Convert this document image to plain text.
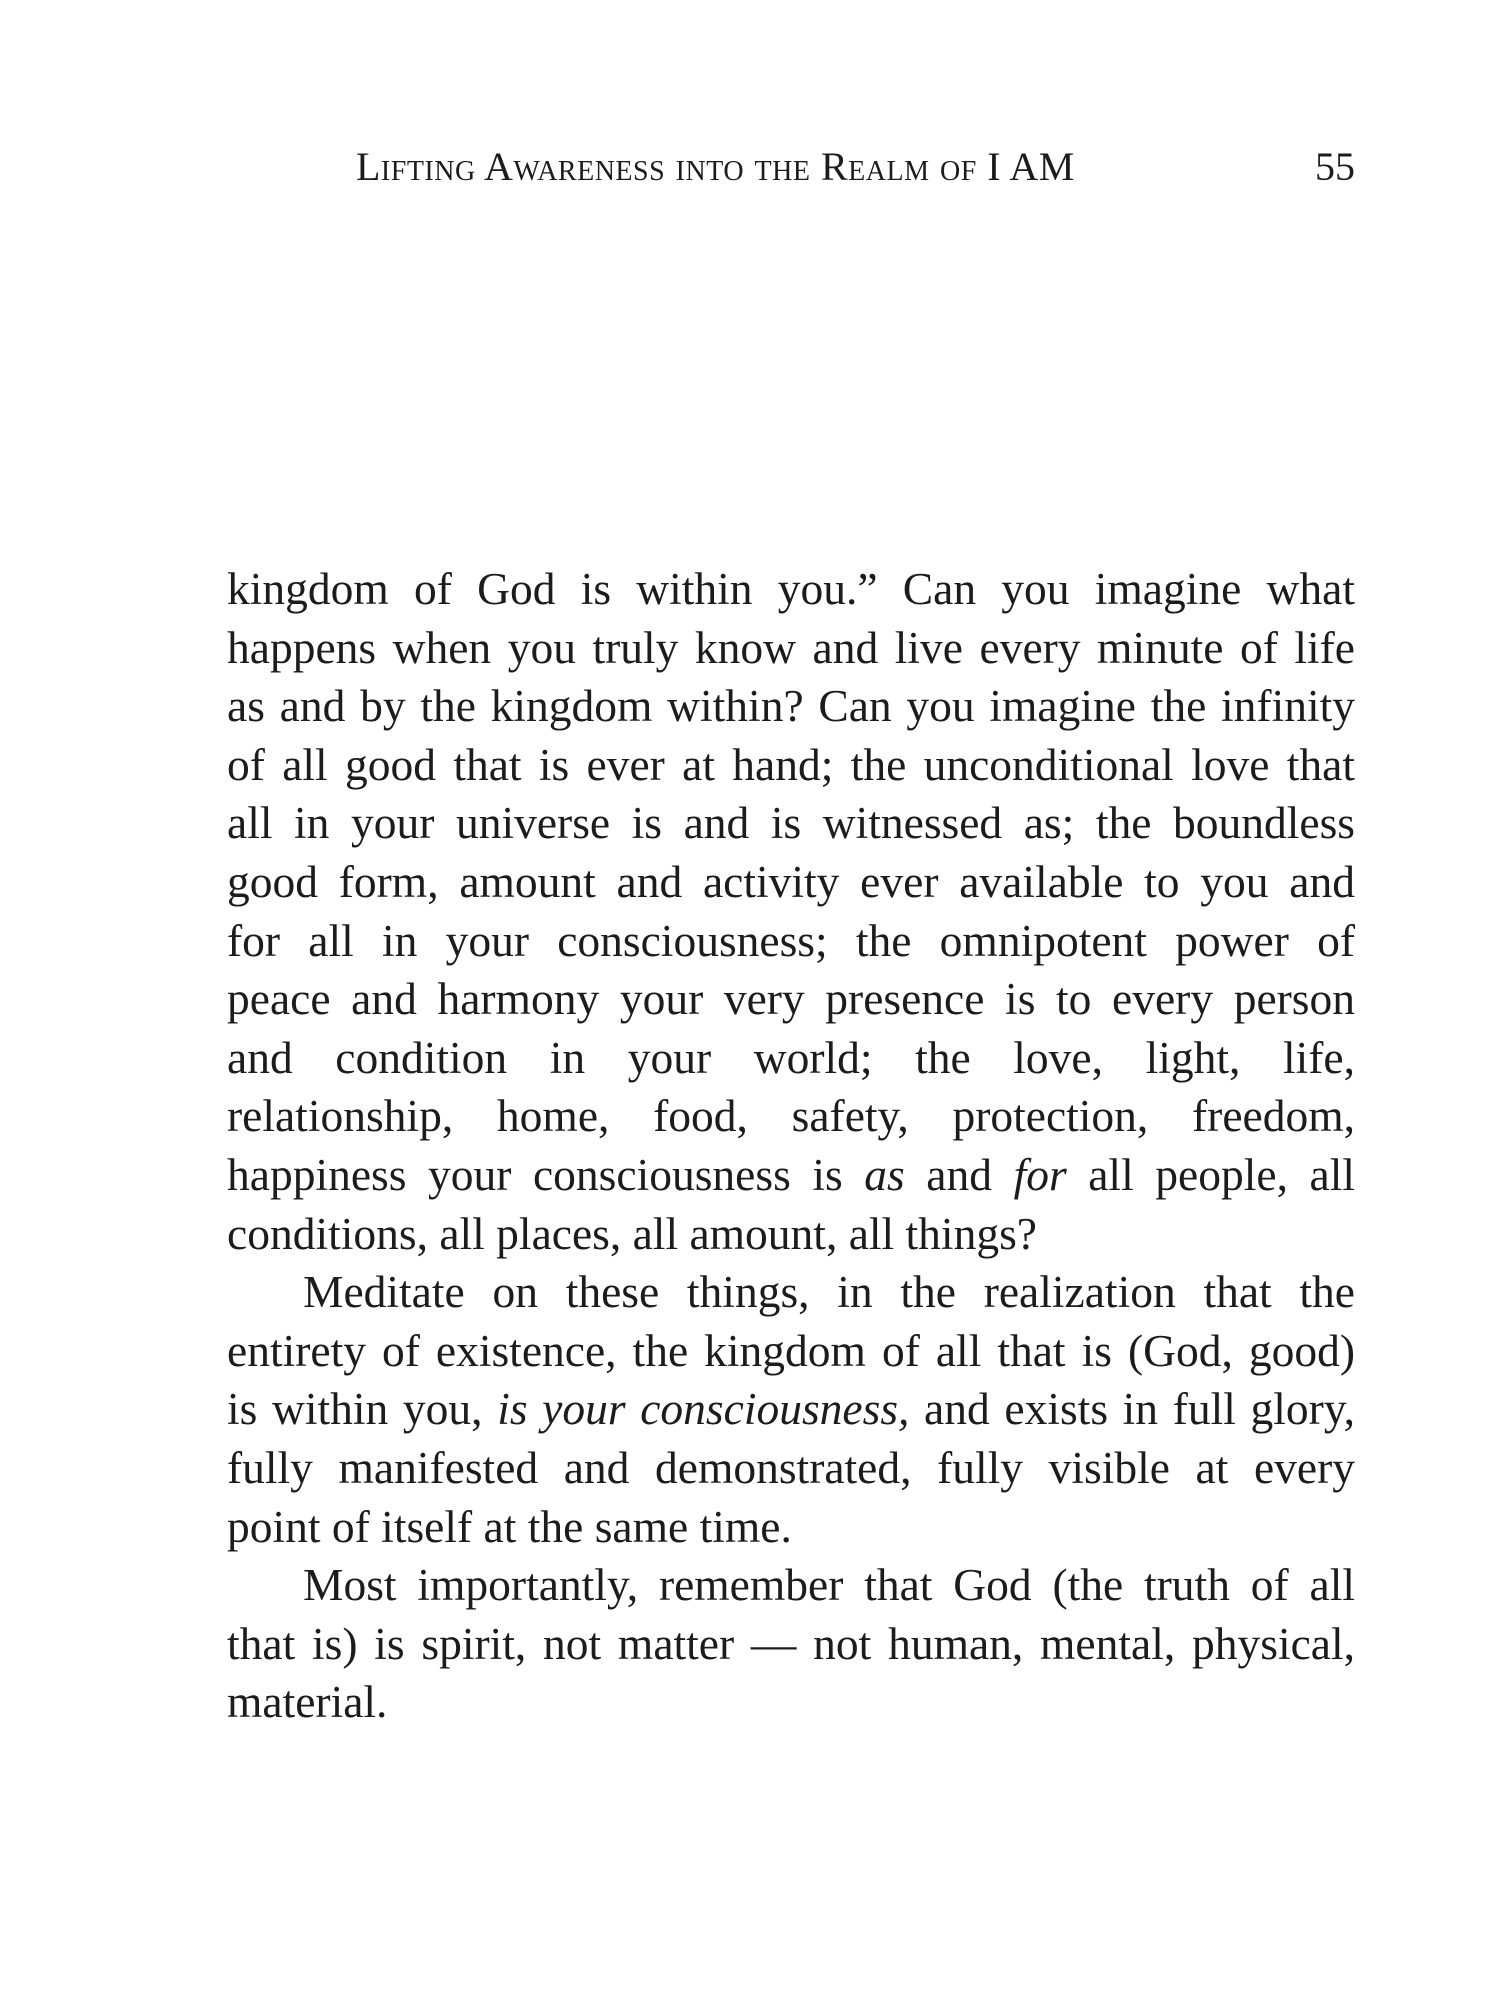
Lifting Awareness into the Realm of I AM	55
kingdom of God is within you.” Can you imagine what
happens when you truly know and live every minute of life
as and by the kingdom within? Can you imagine the infinity
of all good that is ever at hand; the unconditional love that
all in your universe is and is witnessed as; the boundless
good form, amount and activity ever available to you and
for all in your consciousness; the omnipotent power of
peace and harmony your very presence is to every person
and condition in your world; the love, light, life,
relationship, home, food, safety, protection, freedom,
happiness your consciousness is as and for all people, all
conditions, all places, all amount, all things?
Meditate on these things, in the realization that the
entirety of existence, the kingdom of all that is (God, good)
is within you, is your consciousness, and exists in full glory,
fully manifested and demonstrated, fully visible at every
point of itself at the same time.
Most importantly, remember that God (the truth of all
that is) is spirit, not matter — not human, mental, physical,
material.
